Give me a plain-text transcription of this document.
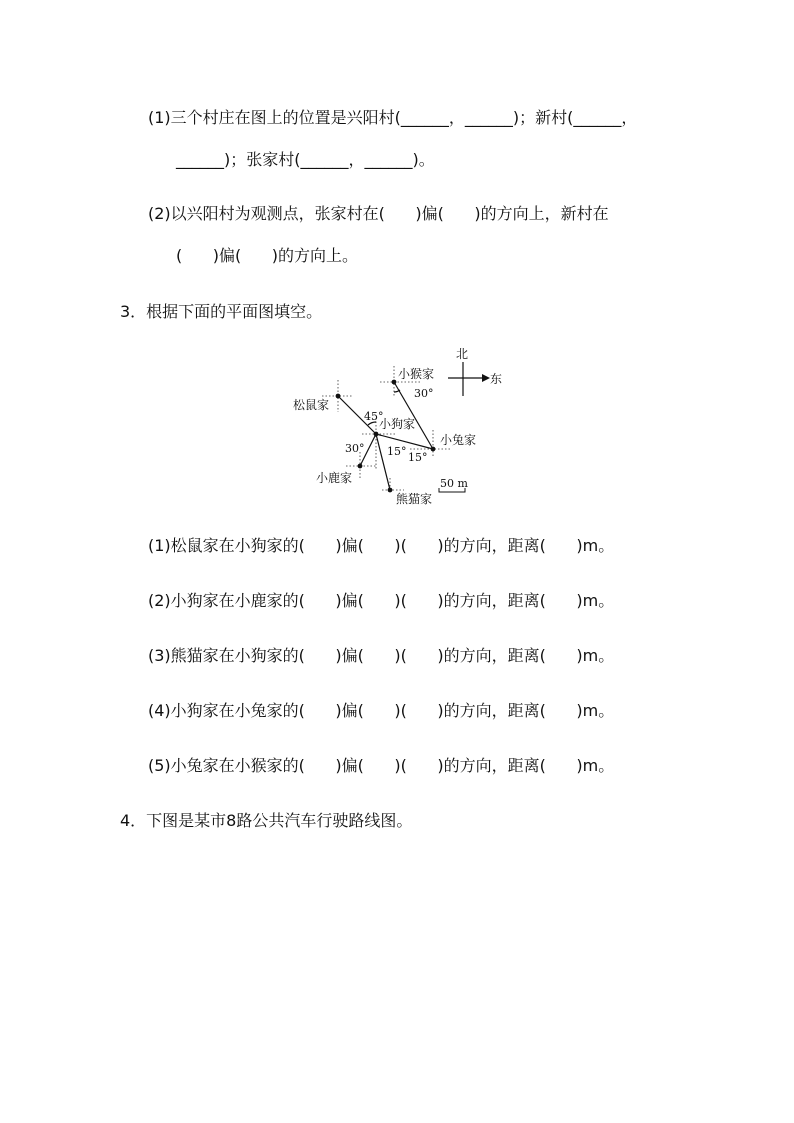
(1)三个村庄在图上的位置是兴阳村(______，______)；新村(______，
______)；张家村(______，______)。
(2)以兴阳村为观测点，张家村在(      )偏(      )的方向上，新村在
(      )偏(      )的方向上。
3．根据下面的平面图填空。
北
东
小猴家
松鼠家
小狗家
小兔家
小鹿家
熊猫家
30°
45°
30° 15° 15°
50 m
(1)松鼠家在小狗家的(      )偏(      )(      )的方向，距离(      )m。
(2)小狗家在小鹿家的(      )偏(      )(      )的方向，距离(      )m。
(3)熊猫家在小狗家的(      )偏(      )(      )的方向，距离(      )m。
(4)小狗家在小兔家的(      )偏(      )(      )的方向，距离(      )m。
(5)小兔家在小猴家的(      )偏(      )(      )的方向，距离(      )m。
4．下图是某市8路公共汽车行驶路线图。
